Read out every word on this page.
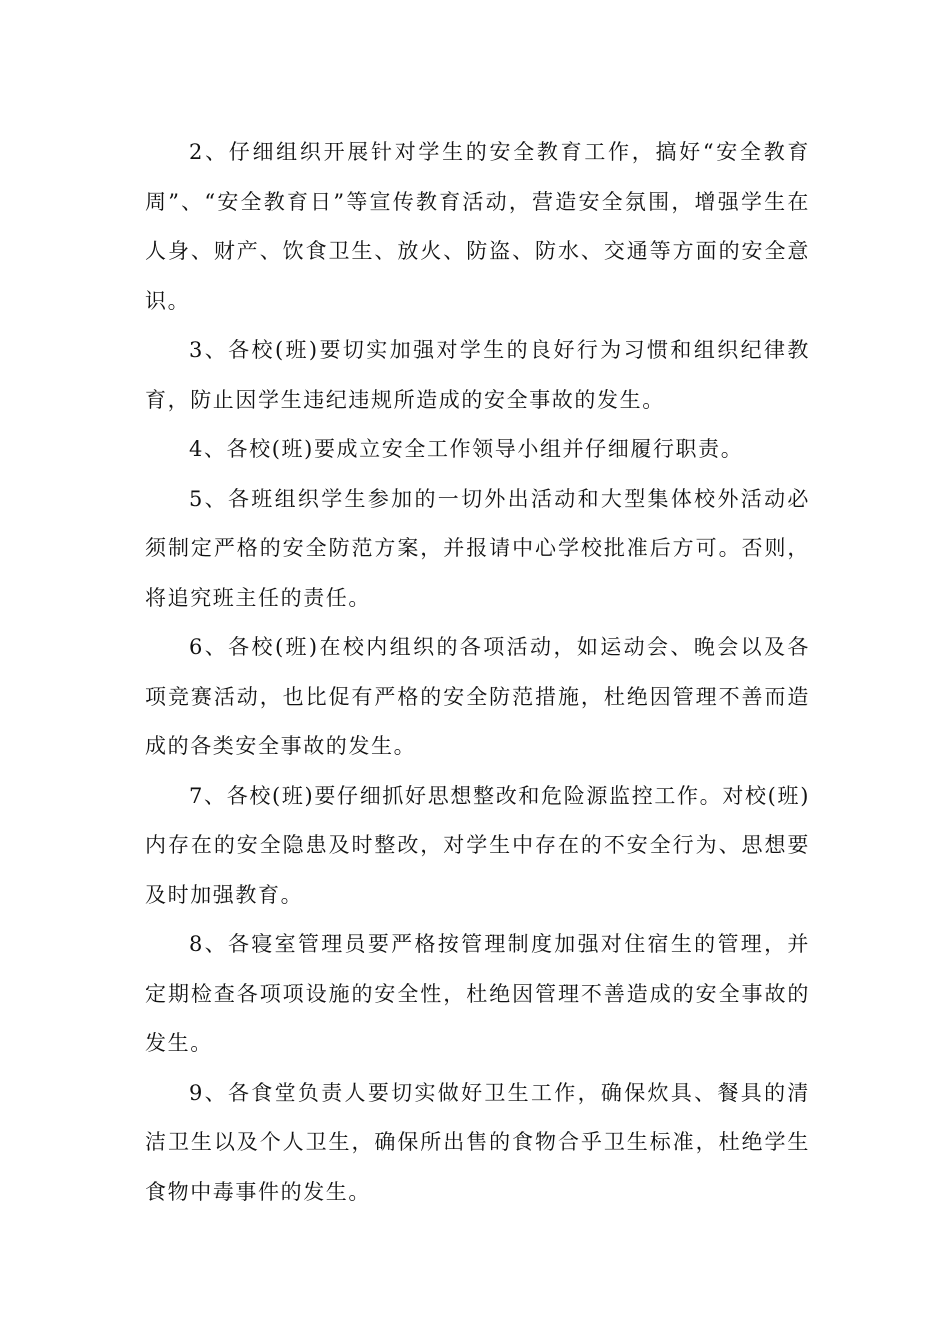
2、仔细组织开展针对学生的安全教育工作，搞好“安全教育周”、“安全教育日”等宣传教育活动，营造安全氛围，增强学生在人身、财产、饮食卫生、放火、防盗、防水、交通等方面的安全意识。

3、各校(班)要切实加强对学生的良好行为习惯和组织纪律教育，防止因学生违纪违规所造成的安全事故的发生。

4、各校(班)要成立安全工作领导小组并仔细履行职责。

5、各班组织学生参加的一切外出活动和大型集体校外活动必须制定严格的安全防范方案，并报请中心学校批准后方可。否则，将追究班主任的责任。

6、各校(班)在校内组织的各项活动，如运动会、晚会以及各项竞赛活动，也比促有严格的安全防范措施，杜绝因管理不善而造成的各类安全事故的发生。

7、各校(班)要仔细抓好思想整改和危险源监控工作。对校(班)内存在的安全隐患及时整改，对学生中存在的不安全行为、思想要及时加强教育。

8、各寝室管理员要严格按管理制度加强对住宿生的管理，并定期检查各项项设施的安全性，杜绝因管理不善造成的安全事故的发生。

9、各食堂负责人要切实做好卫生工作，确保炊具、餐具的清洁卫生以及个人卫生，确保所出售的食物合乎卫生标准，杜绝学生食物中毒事件的发生。
